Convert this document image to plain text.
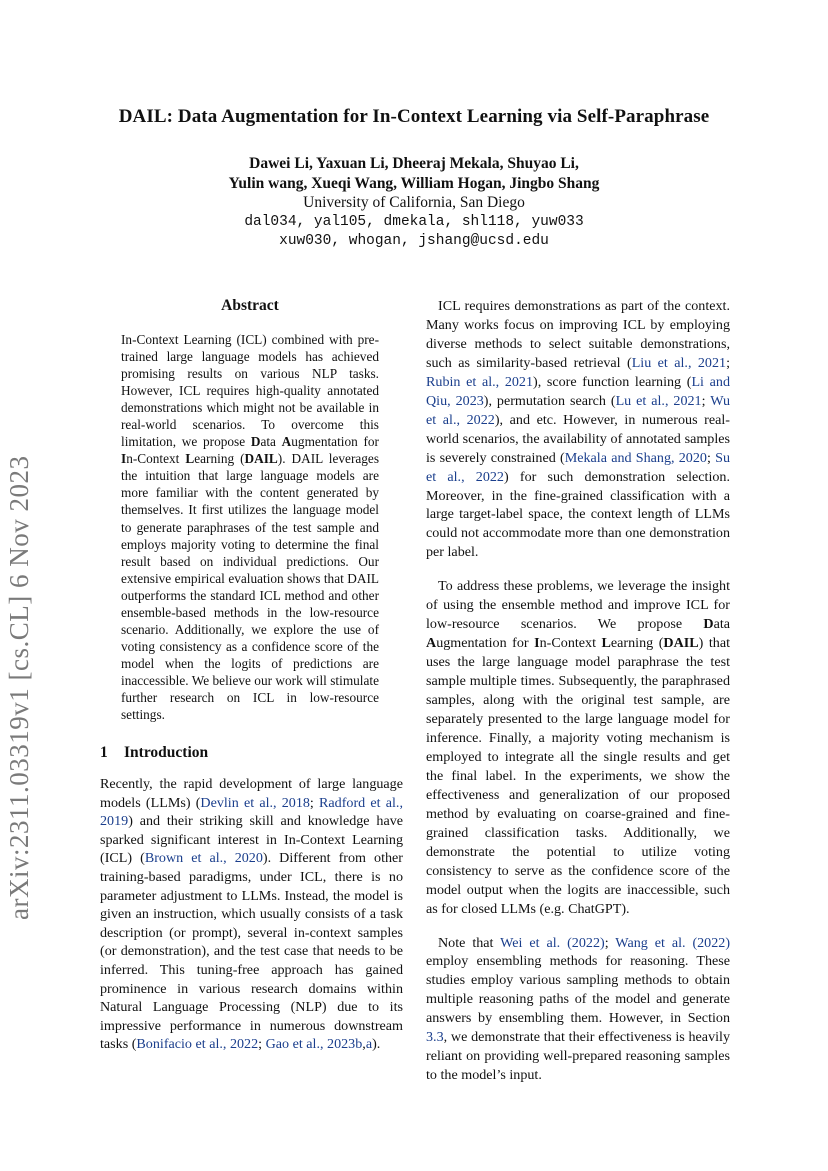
arXiv:2311.03319v1 [cs.CL] 6 Nov 2023
DAIL: Data Augmentation for In-Context Learning via Self-Paraphrase
Dawei Li, Yaxuan Li, Dheeraj Mekala, Shuyao Li,
Yulin wang, Xueqi Wang, William Hogan, Jingbo Shang
University of California, San Diego
dal034, yal105, dmekala, shl118, yuw033
xuw030, whogan, jshang@ucsd.edu
Abstract
In-Context Learning (ICL) combined with pre-trained large language models has achieved promising results on various NLP tasks. However, ICL requires high-quality annotated demonstrations which might not be available in real-world scenarios. To overcome this limitation, we propose Data Augmentation for In-Context Learning (DAIL). DAIL leverages the intuition that large language models are more familiar with the content generated by themselves. It first utilizes the language model to generate paraphrases of the test sample and employs majority voting to determine the final result based on individual predictions. Our extensive empirical evaluation shows that DAIL outperforms the standard ICL method and other ensemble-based methods in the low-resource scenario. Additionally, we explore the use of voting consistency as a confidence score of the model when the logits of predictions are inaccessible. We believe our work will stimulate further research on ICL in low-resource settings.
1 Introduction
Recently, the rapid development of large language models (LLMs) (Devlin et al., 2018; Radford et al., 2019) and their striking skill and knowledge have sparked significant interest in In-Context Learning (ICL) (Brown et al., 2020). Different from other training-based paradigms, under ICL, there is no parameter adjustment to LLMs. Instead, the model is given an instruction, which usually consists of a task description (or prompt), several in-context samples (or demonstration), and the test case that needs to be inferred. This tuning-free approach has gained prominence in various research domains within Natural Language Processing (NLP) due to its impressive performance in numerous downstream tasks (Bonifacio et al., 2022; Gao et al., 2023b,a).

ICL requires demonstrations as part of the context. Many works focus on improving ICL by employing diverse methods to select suitable demonstrations, such as similarity-based retrieval (Liu et al., 2021; Rubin et al., 2021), score function learning (Li and Qiu, 2023), permutation search (Lu et al., 2021; Wu et al., 2022), and etc. However, in numerous real-world scenarios, the availability of annotated samples is severely constrained (Mekala and Shang, 2020; Su et al., 2022) for such demonstration selection. Moreover, in the fine-grained classification with a large target-label space, the context length of LLMs could not accommodate more than one demonstration per label.

To address these problems, we leverage the insight of using the ensemble method and improve ICL for low-resource scenarios. We propose Data Augmentation for In-Context Learning (DAIL) that uses the large language model paraphrase the test sample multiple times. Subsequently, the paraphrased samples, along with the original test sample, are separately presented to the large language model for inference. Finally, a majority voting mechanism is employed to integrate all the single results and get the final label. In the experiments, we show the effectiveness and generalization of our proposed method by evaluating on coarse-grained and fine-grained classification tasks. Additionally, we demonstrate the potential to utilize voting consistency to serve as the confidence score of the model output when the logits are inaccessible, such as for closed LLMs (e.g. ChatGPT).

Note that Wei et al. (2022); Wang et al. (2022) employ ensembling methods for reasoning. These studies employ various sampling methods to obtain multiple reasoning paths of the model and generate answers by ensembling them. However, in Section 3.3, we demonstrate that their effectiveness is heavily reliant on providing well-prepared reasoning samples to the model’s input.
